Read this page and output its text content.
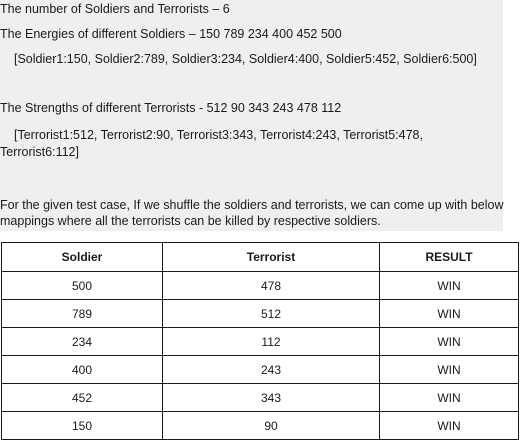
The number of Soldiers and Terrorists – 6
The Energies of different Soldiers – 150 789 234 400 452 500
[Soldier1:150, Soldier2:789, Soldier3:234, Soldier4:400, Soldier5:452, Soldier6:500]
The Strengths of different Terrorists - 512 90 343 243 478 112
[Terrorist1:512, Terrorist2:90, Terrorist3:343, Terrorist4:243, Terrorist5:478,
Terrorist6:112]
For the given test case, If we shuffle the soldiers and terrorists, we can come up with below
mappings where all the terrorists can be killed by respective soldiers.
Soldier	Terrorist	RESULT
500	478	WIN
789	512	WIN
234	112	WIN
400	243	WIN
452	343	WIN
150	90	WIN
